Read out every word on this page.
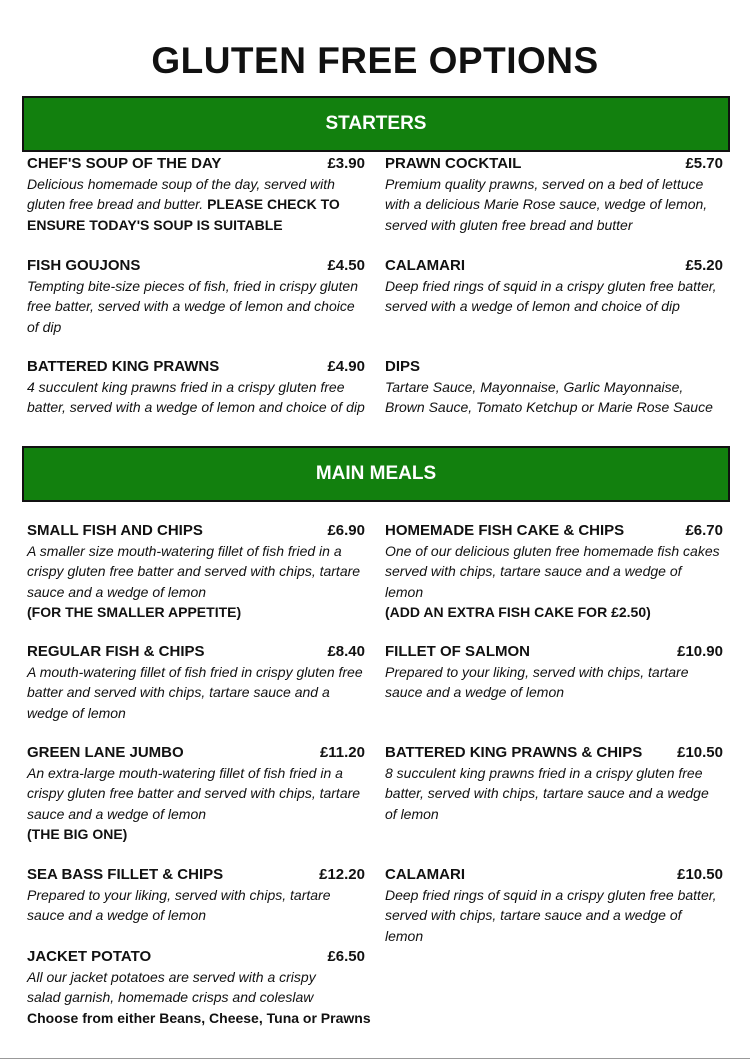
GLUTEN FREE OPTIONS
STARTERS
CHEF'S SOUP OF THE DAY	£3.90
Delicious homemade soup of the day, served with gluten free bread and butter. PLEASE CHECK TO ENSURE TODAY'S SOUP IS SUITABLE
PRAWN COCKTAIL	£5.70
Premium quality prawns, served on a bed of lettuce with a delicious Marie Rose sauce, wedge of lemon, served with gluten free bread and butter
FISH GOUJONS	£4.50
Tempting bite-size pieces of fish, fried in crispy gluten free batter, served with a wedge of lemon and choice of dip
CALAMARI	£5.20
Deep fried rings of squid in a crispy gluten free batter, served with a wedge of lemon and choice of dip
BATTERED KING PRAWNS	£4.90
4 succulent king prawns fried in a crispy gluten free batter, served with a wedge of lemon and choice of dip
DIPS
Tartare Sauce, Mayonnaise, Garlic Mayonnaise, Brown Sauce, Tomato Ketchup or Marie Rose Sauce
MAIN MEALS
SMALL FISH AND CHIPS	£6.90
A smaller size mouth-watering fillet of fish fried in a crispy gluten free batter and served with chips, tartare sauce and a wedge of lemon
(FOR THE SMALLER APPETITE)
HOMEMADE FISH CAKE & CHIPS	£6.70
One of our delicious gluten free homemade fish cakes served with chips, tartare sauce and a wedge of lemon
(ADD AN EXTRA FISH CAKE FOR £2.50)
REGULAR FISH & CHIPS	£8.40
A mouth-watering fillet of fish fried in crispy gluten free batter and served with chips, tartare sauce and a wedge of lemon
FILLET OF SALMON	£10.90
Prepared to your liking, served with chips, tartare sauce and a wedge of lemon
GREEN LANE JUMBO	£11.20
An extra-large mouth-watering fillet of fish fried in a crispy gluten free batter and served with chips, tartare sauce and a wedge of lemon
(THE BIG ONE)
BATTERED KING PRAWNS & CHIPS £10.50
8 succulent king prawns fried in a crispy gluten free batter, served with chips, tartare sauce and a wedge of lemon
SEA BASS FILLET & CHIPS	£12.20
Prepared to your liking, served with chips, tartare sauce and a wedge of lemon
CALAMARI	£10.50
Deep fried rings of squid in a crispy gluten free batter, served with chips, tartare sauce and a wedge of lemon
JACKET POTATO	£6.50
All our jacket potatoes are served with a crispy salad garnish, homemade crisps and coleslaw
Choose from either Beans, Cheese, Tuna or Prawns
